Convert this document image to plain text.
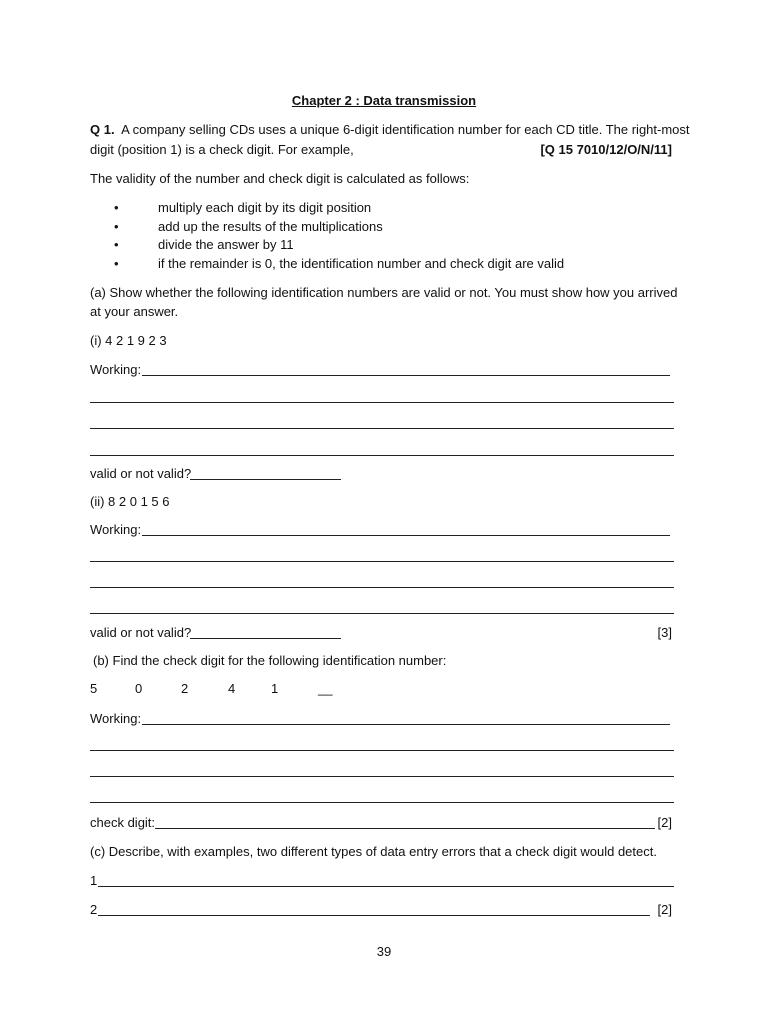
Chapter 2 : Data transmission
Q 1. A company selling CDs uses a unique 6-digit identification number for each CD title. The right-most
digit (position 1) is a check digit. For example,	[Q 15 7010/12/O/N/11]
The validity of the number and check digit is calculated as follows:
•	multiply each digit by its digit position
•	add up the results of the multiplications
•	divide the answer by 11
•	if the remainder is 0, the identification number and check digit are valid
(a) Show whether the following identification numbers are valid or not. You must show how you arrived
at your answer.
(i) 4 2 1 9 2 3
Working:
valid or not valid?
(ii) 8 2 0 1 5 6
Working:
valid or not valid?	[3]
(b) Find the check digit for the following identification number:
5	0	2	4	1	__
Working:
check digit:	[2]
(c) Describe, with examples, two different types of data entry errors that a check digit would detect.
1
2	[2]
39
